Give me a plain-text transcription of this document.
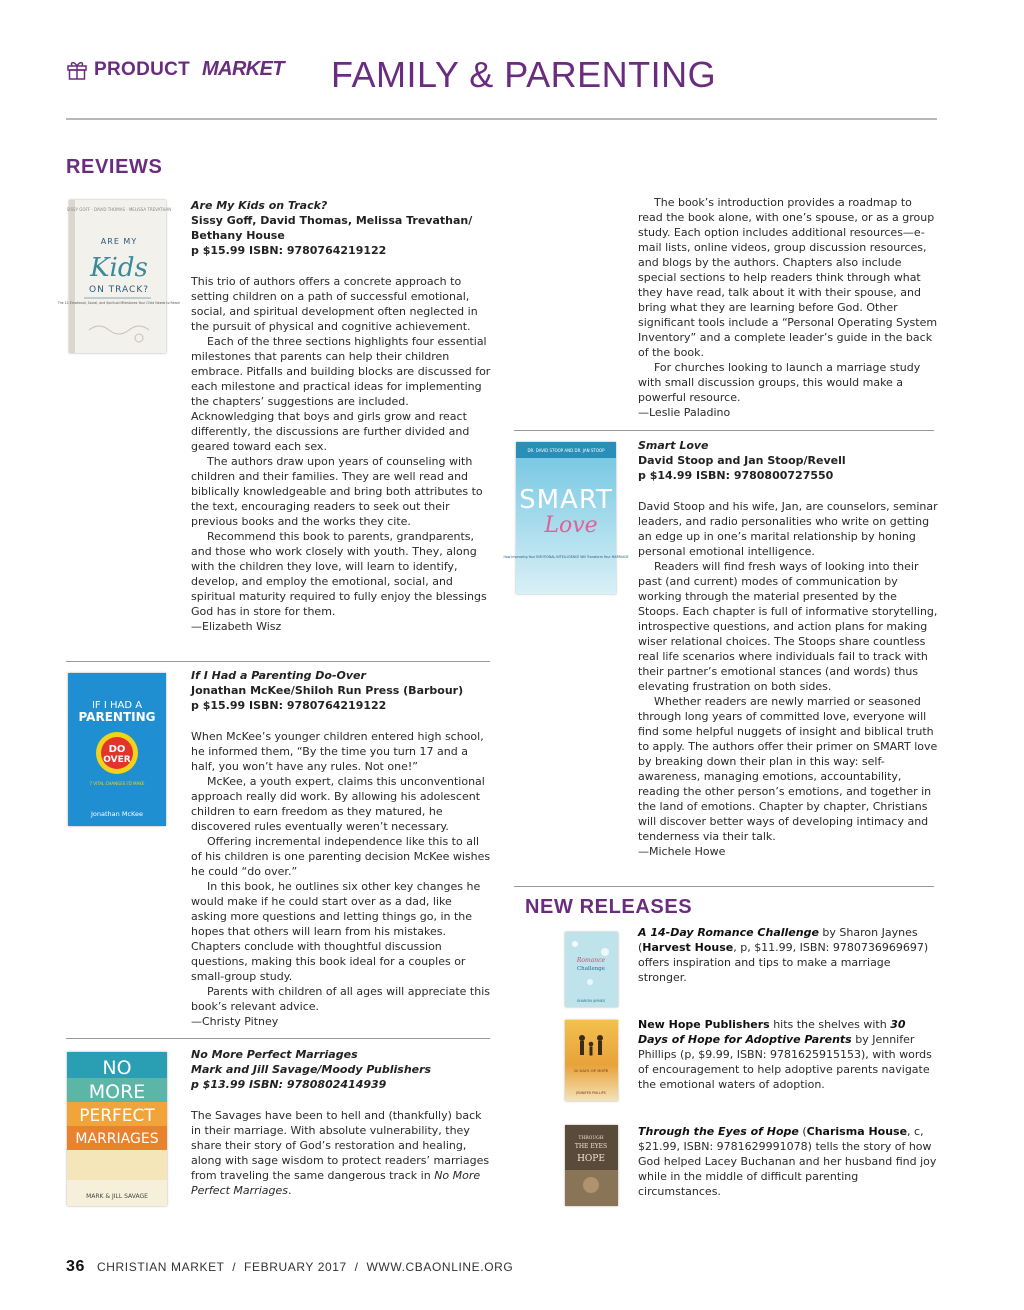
PRODUCT MARKET FAMILY & PARENTING
REVIEWS
SISSY GOFF · DAVID THOMAS · MELISSA TREVATHAN
ARE MY
Kids
ON TRACK?
The 12 Emotional, Social, and Spiritual Milestones Your Child Needs to Reach
Are My Kids on Track?
Sissy Goff, David Thomas, Melissa Trevathan/
Bethany House
p $15.99 ISBN: 9780764219122

This trio of authors offers a concrete approach to setting children on a path of successful emotional, social, and spiritual development often neglected in the pursuit of physical and cognitive achievement.

Each of the three sections highlights four essential milestones that parents can help their children embrace. Pitfalls and building blocks are discussed for each milestone and practical ideas for implementing the chapters’ suggestions are included. Acknowledging that boys and girls grow and react differently, the discussions are further divided and geared toward each sex.

The authors draw upon years of counseling with children and their families. They are well read and biblically knowledgeable and bring both attributes to the text, encouraging readers to seek out their previous books and the works they cite.

Recommend this book to parents, grandparents, and those who work closely with youth. They, along with the children they love, will learn to identify, develop, and employ the emotional, social, and spiritual maturity required to fully enjoy the blessings God has in store for them.

—Elizabeth Wisz

IF I HAD A
PARENTING
DO
OVER
7 VITAL CHANGES I'D MAKE
Jonathan McKee
If I Had a Parenting Do-Over
Jonathan McKee/Shiloh Run Press (Barbour)
p $15.99 ISBN: 9780764219122

When McKee’s younger children entered high school, he informed them, “By the time you turn 17 and a half, you won’t have any rules. Not one!”

McKee, a youth expert, claims this unconventional approach really did work. By allowing his adolescent children to earn freedom as they matured, he discovered rules eventually weren’t necessary.

Offering incremental independence like this to all of his children is one parenting decision McKee wishes he could “do over.”

In this book, he outlines six other key changes he would make if he could start over as a dad, like asking more questions and letting things go, in the hopes that others will learn from his mistakes. Chapters conclude with thoughtful discussion questions, making this book ideal for a couples or small-group study.

Parents with children of all ages will appreciate this book’s relevant advice.

—Christy Pitney

NO
MORE
PERFECT
MARRIAGES
MARK & JILL SAVAGE
No More Perfect Marriages
Mark and Jill Savage/Moody Publishers
p $13.99 ISBN: 9780802414939

The Savages have been to hell and (thankfully) back in their marriage. With absolute vulnerability, they share their story of God’s restoration and healing, along with sage wisdom to protect readers’ marriages from traveling the same dangerous track in No More Perfect Marriages.

The book’s introduction provides a roadmap to read the book alone, with one’s spouse, or as a group study. Each option includes additional resources—e-mail lists, online videos, group discussion resources, and blogs by the authors. Chapters also include special sections to help readers think through what they have read, talk about it with their spouse, and bring what they are learning before God. Other significant tools include a “Personal Operating System Inventory” and a complete leader’s guide in the back of the book.

For churches looking to launch a marriage study with small discussion groups, this would make a powerful resource.

—Leslie Paladino

DR. DAVID STOOP AND DR. JAN STOOP
SMART
Love
How Improving Your EMOTIONAL INTELLIGENCE Will Transform Your MARRIAGE
Smart Love
David Stoop and Jan Stoop/Revell
p $14.99 ISBN: 9780800727550

David Stoop and his wife, Jan, are counselors, seminar leaders, and radio personalities who write on getting an edge up in one’s marital relationship by honing personal emotional intelligence.

Readers will find fresh ways of looking into their past (and current) modes of communication by working through the material presented by the Stoops. Each chapter is full of informative storytelling, introspective questions, and action plans for making wiser relational choices. The Stoops share countless real life scenarios where individuals fail to track with their partner’s emotional stances (and words) thus elevating frustration on both sides.

Whether readers are newly married or seasoned through long years of committed love, everyone will find some helpful nuggets of insight and biblical truth to apply. The authors offer their primer on SMART love by breaking down their plan in this way: self-awareness, managing emotions, accountability, reading the other person’s emotions, and together in the land of emotions. Chapter by chapter, Christians will discover better ways of developing intimacy and tenderness via their talk.

—Michele Howe

NEW RELEASES
Romance
Challenge
SHARON JAYNES
A 14-Day Romance Challenge by Sharon Jaynes (Harvest House, p, $11.99, ISBN: 9780736969697) offers inspiration and tips to make a marriage stronger.
30 DAYS OF HOPE
JENNIFER PHILLIPS
New Hope Publishers hits the shelves with 30 Days of Hope for Adoptive Parents by Jennifer Phillips (p, $9.99, ISBN: 9781625915153), with words of encouragement to help adoptive parents navigate the emotional waters of adoption.
THROUGH
THE EYES
HOPE
Through the Eyes of Hope (Charisma House, c, $21.99, ISBN: 9781629991078) tells the story of how God helped Lacey Buchanan and her husband find joy while in the middle of difficult parenting circumstances.
36 CHRISTIAN MARKET  /  FEBRUARY 2017  /  WWW.CBAONLINE.ORG
